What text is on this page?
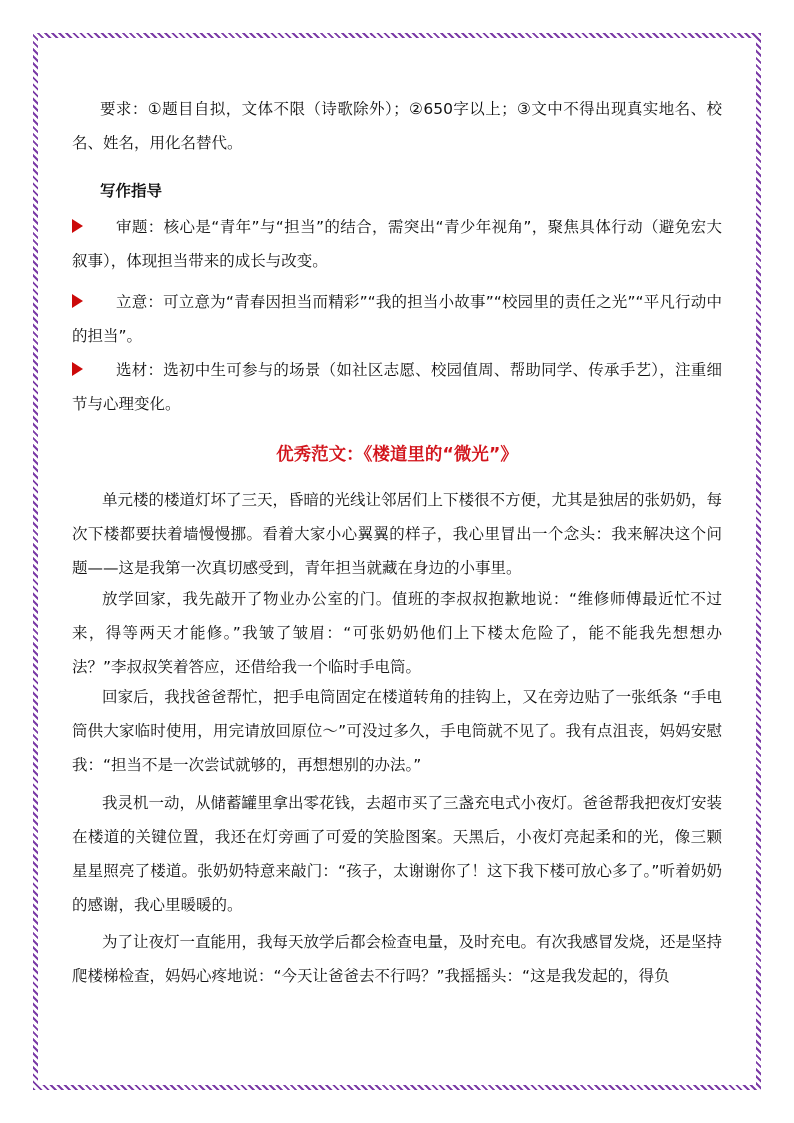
要求：①题目自拟，文体不限（诗歌除外）；②650字以上；③文中不得出现真实地名、校名、姓名，用化名替代。

写作指导

审题：核心是“青年”与“担当”的结合，需突出“青少年视角”，聚焦具体行动（避免宏大叙事），体现担当带来的成长与改变。

立意：可立意为“青春因担当而精彩”“我的担当小故事”“校园里的责任之光”“平凡行动中的担当”。

选材：选初中生可参与的场景（如社区志愿、校园值周、帮助同学、传承手艺），注重细节与心理变化。

优秀范文：《楼道里的“微光”》

单元楼的楼道灯坏了三天，昏暗的光线让邻居们上下楼很不方便，尤其是独居的张奶奶，每次下楼都要扶着墙慢慢挪。看着大家小心翼翼的样子，我心里冒出一个念头：我来解决这个问题——这是我第一次真切感受到，青年担当就藏在身边的小事里。

放学回家，我先敲开了物业办公室的门。值班的李叔叔抱歉地说：“维修师傅最近忙不过来，得等两天才能修。”我皱了皱眉：“可张奶奶他们上下楼太危险了，能不能我先想想办法？”李叔叔笑着答应，还借给我一个临时手电筒。

回家后，我找爸爸帮忙，把手电筒固定在楼道转角的挂钩上，又在旁边贴了一张纸条 “手电筒供大家临时使用，用完请放回原位～”可没过多久，手电筒就不见了。我有点沮丧，妈妈安慰我：“担当不是一次尝试就够的，再想想别的办法。”

我灵机一动，从储蓄罐里拿出零花钱，去超市买了三盏充电式小夜灯。爸爸帮我把夜灯安装在楼道的关键位置，我还在灯旁画了可爱的笑脸图案。天黑后，小夜灯亮起柔和的光，像三颗星星照亮了楼道。张奶奶特意来敲门：“孩子，太谢谢你了！这下我下楼可放心多了。”听着奶奶的感谢，我心里暖暖的。

为了让夜灯一直能用，我每天放学后都会检查电量，及时充电。有次我感冒发烧，还是坚持爬楼梯检查，妈妈心疼地说：“今天让爸爸去不行吗？”我摇摇头：“这是我发起的，得负
